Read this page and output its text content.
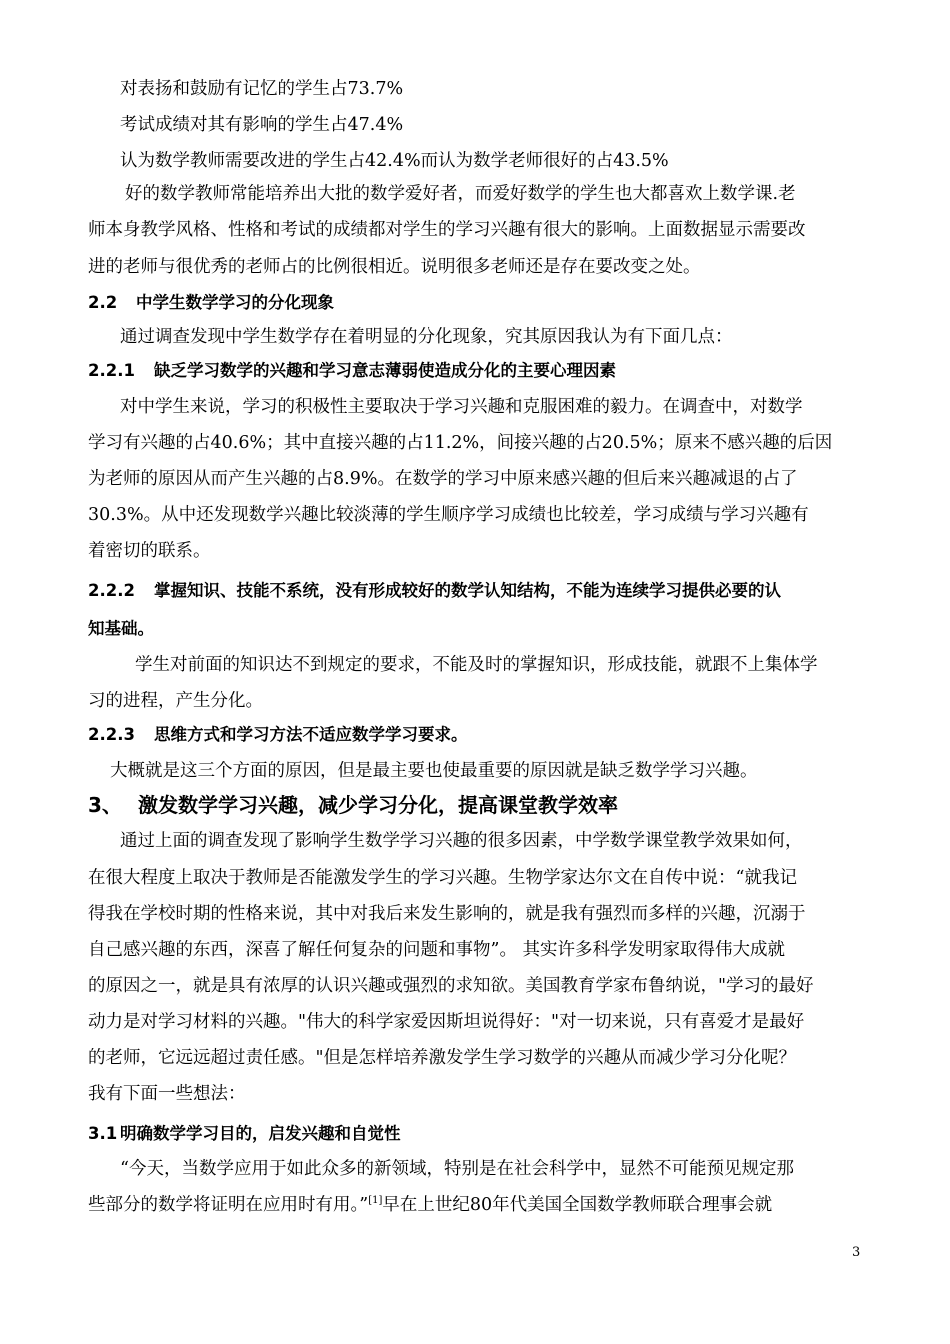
对表扬和鼓励有记忆的学生占73.7%
考试成绩对其有影响的学生占47.4%
认为数学教师需要改进的学生占42.4%而认为数学老师很好的占43.5%
好的数学教师常能培养出大批的数学爱好者，而爱好数学的学生也大都喜欢上数学课.老
师本身教学风格、性格和考试的成绩都对学生的学习兴趣有很大的影响。上面数据显示需要改
进的老师与很优秀的老师占的比例很相近。说明很多老师还是存在要改变之处。
2.2 中学生数学学习的分化现象
通过调查发现中学生数学存在着明显的分化现象，究其原因我认为有下面几点：
2.2.1 缺乏学习数学的兴趣和学习意志薄弱使造成分化的主要心理因素
对中学生来说，学习的积极性主要取决于学习兴趣和克服困难的毅力。在调查中，对数学
学习有兴趣的占40.6%；其中直接兴趣的占11.2%，间接兴趣的占20.5%；原来不感兴趣的后因
为老师的原因从而产生兴趣的占8.9%。在数学的学习中原来感兴趣的但后来兴趣减退的占了
30.3%。从中还发现数学兴趣比较淡薄的学生顺序学习成绩也比较差，学习成绩与学习兴趣有
着密切的联系。
2.2.2 掌握知识、技能不系统，没有形成较好的数学认知结构，不能为连续学习提供必要的认
知基础。
学生对前面的知识达不到规定的要求，不能及时的掌握知识，形成技能，就跟不上集体学
习的进程，产生分化。
2.2.3 思维方式和学习方法不适应数学学习要求。
大概就是这三个方面的原因，但是最主要也使最重要的原因就是缺乏数学学习兴趣。
3、 激发数学学习兴趣，减少学习分化，提高课堂教学效率
通过上面的调查发现了影响学生数学学习兴趣的很多因素，中学数学课堂教学效果如何，
在很大程度上取决于教师是否能激发学生的学习兴趣。生物学家达尔文在自传中说：“就我记
得我在学校时期的性格来说，其中对我后来发生影响的，就是我有强烈而多样的兴趣，沉溺于
自己感兴趣的东西，深喜了解任何复杂的问题和事物”。 其实许多科学发明家取得伟大成就
的原因之一，就是具有浓厚的认识兴趣或强烈的求知欲。美国教育学家布鲁纳说，"学习的最好
动力是对学习材料的兴趣。"伟大的科学家爱因斯坦说得好："对一切来说，只有喜爱才是最好
的老师，它远远超过责任感。"但是怎样培养激发学生学习数学的兴趣从而减少学习分化呢？
我有下面一些想法：
3.1 明确数学学习目的，启发兴趣和自觉性
“今天，当数学应用于如此众多的新领域，特别是在社会科学中，显然不可能预见规定那
些部分的数学将证明在应用时有用。”[1]早在上世纪80年代美国全国数学教师联合理事会就
3
